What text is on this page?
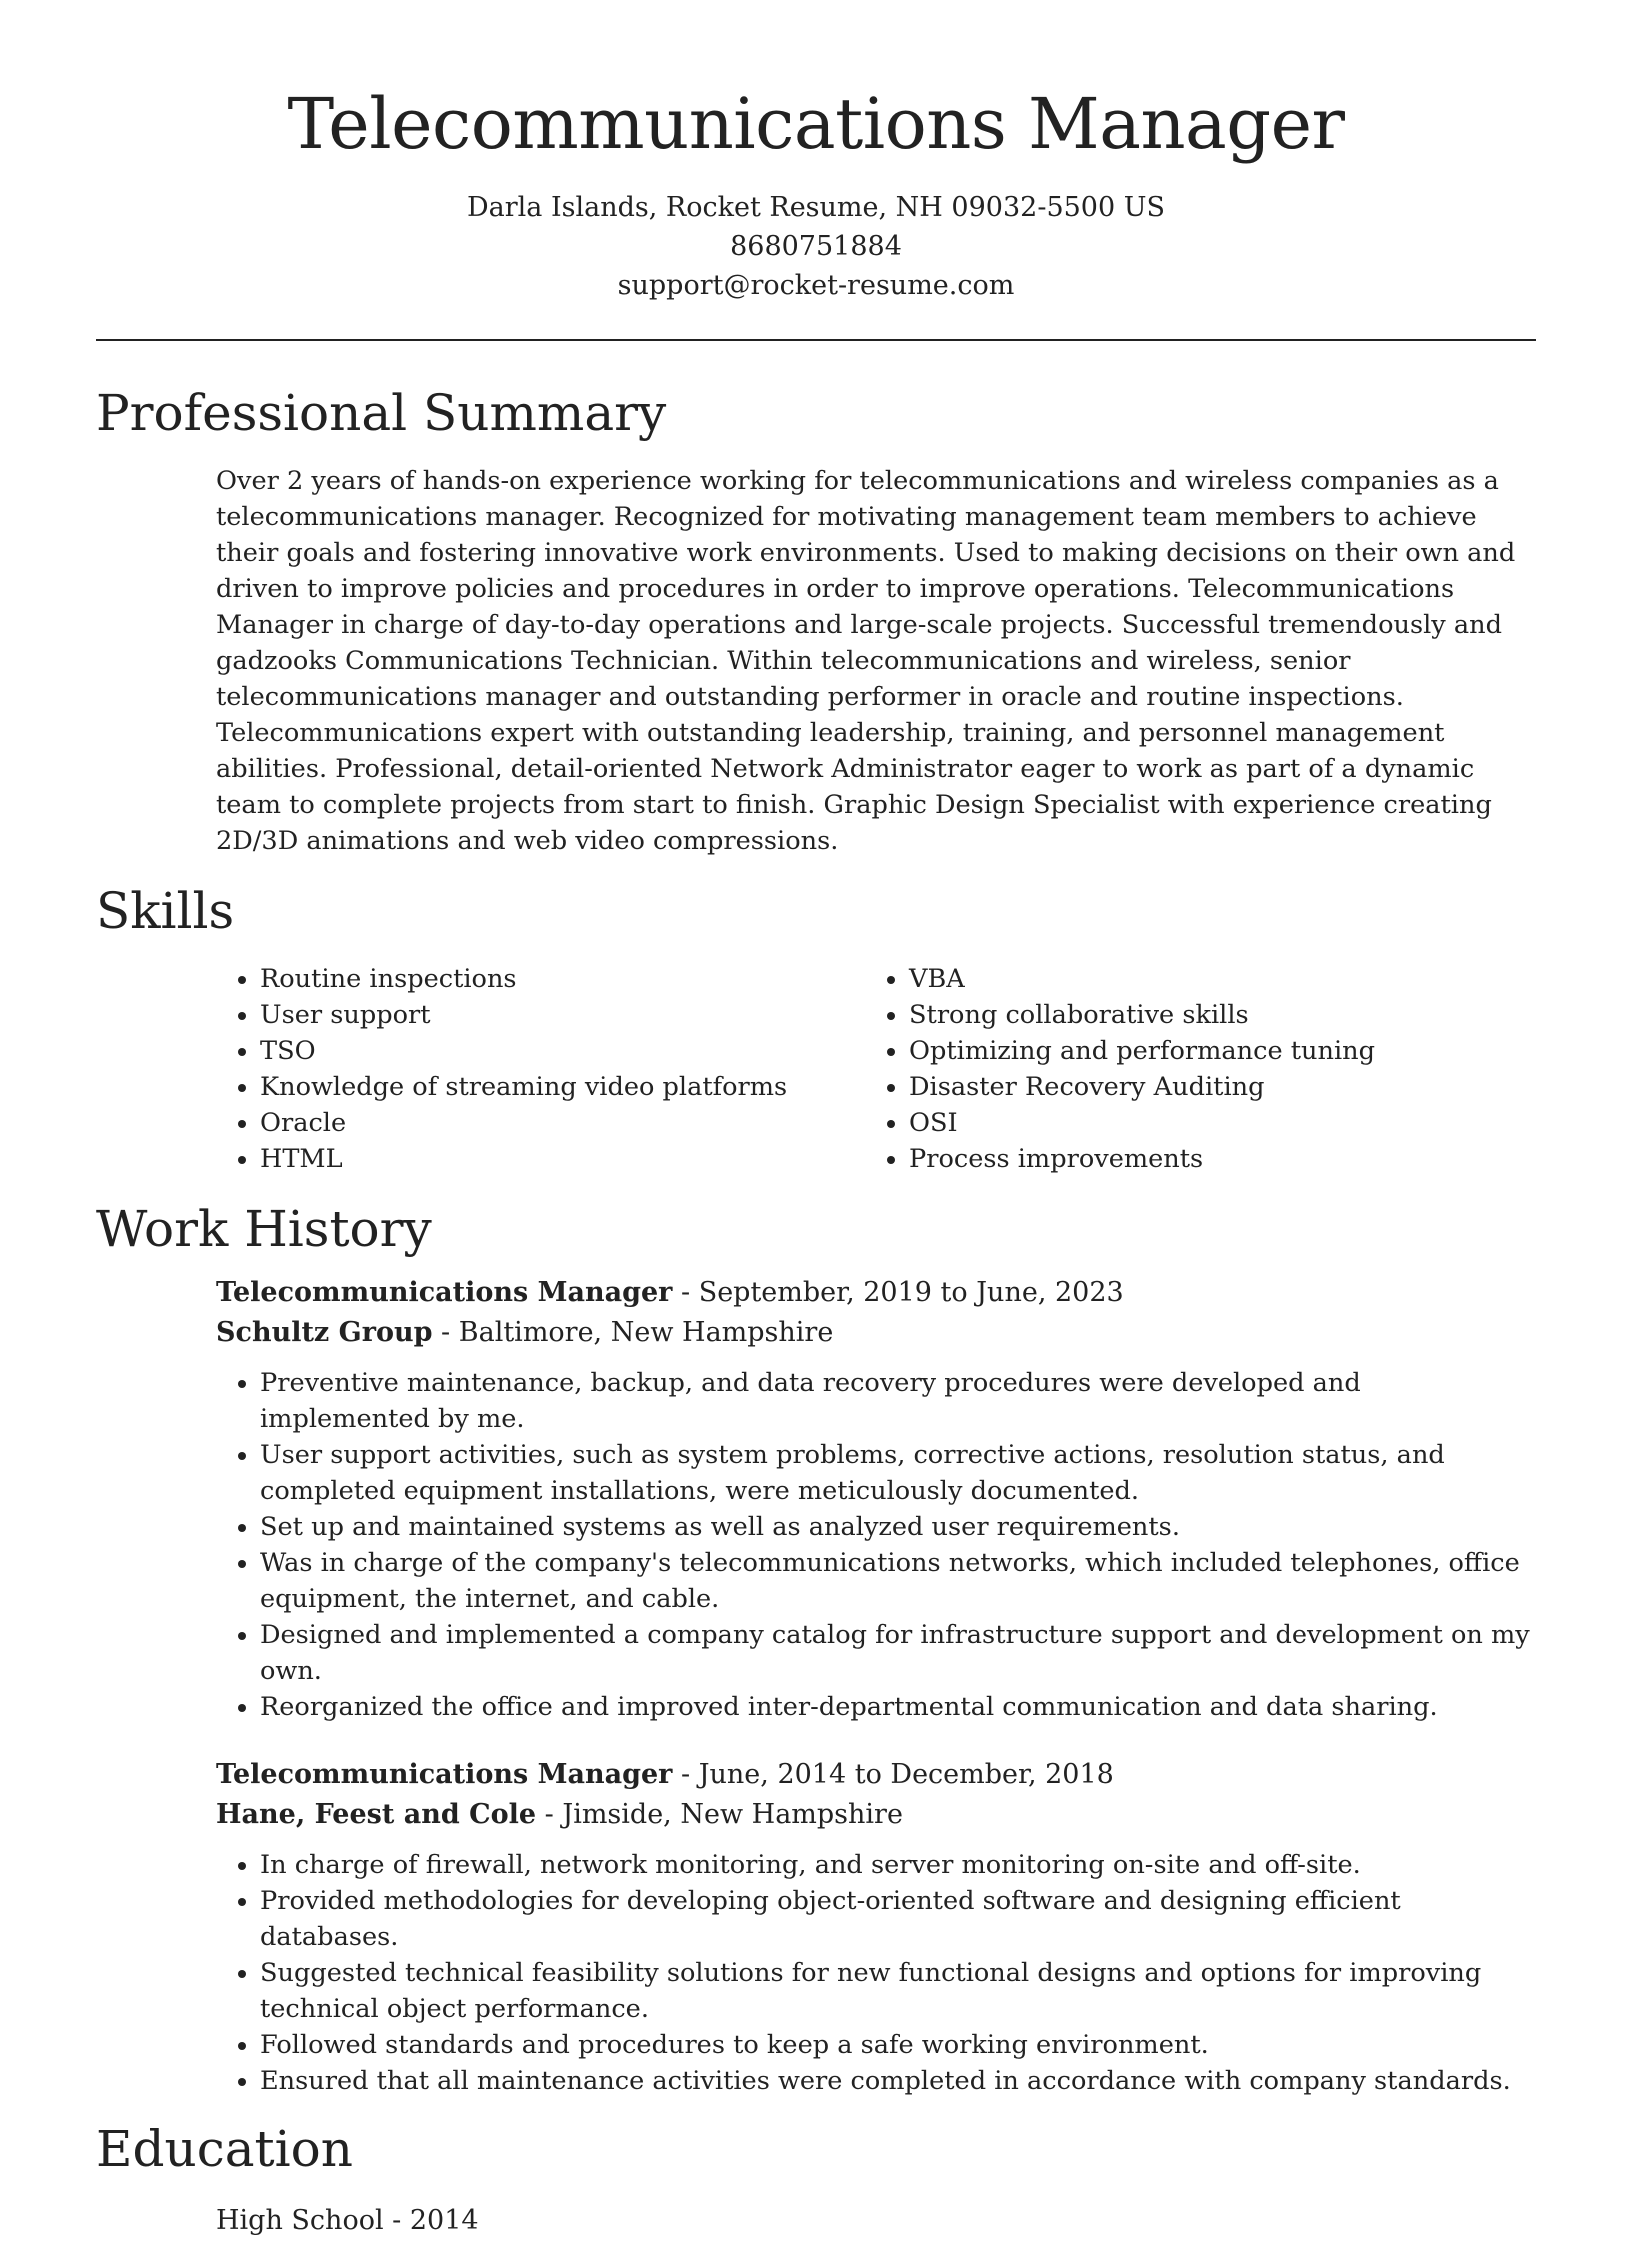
Telecommunications Manager
Darla Islands, Rocket Resume, NH 09032-5500 US
8680751884
support@rocket-resume.com
Professional Summary

Over 2 years of hands-on experience working for telecommunications and wireless companies as a telecommunications manager. Recognized for motivating management team members to achieve their goals and fostering innovative work environments. Used to making decisions on their own and driven to improve policies and procedures in order to improve operations. Telecommunications Manager in charge of day-to-day operations and large-scale projects. Successful tremendously and gadzooks Communications Technician. Within telecommunications and wireless, senior telecommunications manager and outstanding performer in oracle and routine inspections. Telecommunications expert with outstanding leadership, training, and personnel management abilities. Professional, detail-oriented Network Administrator eager to work as part of a dynamic team to complete projects from start to finish. Graphic Design Specialist with experience creating 2D/3D animations and web video compressions.

Skills
• Routine inspections
• User support
• TSO
• Knowledge of streaming video platforms
• Oracle
• HTML
• VBA
• Strong collaborative skills
• Optimizing and performance tuning
• Disaster Recovery Auditing
• OSI
• Process improvements
Work History
Telecommunications Manager - September, 2019 to June, 2023
Schultz Group - Baltimore, New Hampshire
• Preventive maintenance, backup, and data recovery procedures were developed and implemented by me.
• User support activities, such as system problems, corrective actions, resolution status, and completed equipment installations, were meticulously documented.
• Set up and maintained systems as well as analyzed user requirements.
• Was in charge of the company's telecommunications networks, which included telephones, office equipment, the internet, and cable.
• Designed and implemented a company catalog for infrastructure support and development on my own.
• Reorganized the office and improved inter-departmental communication and data sharing.
Telecommunications Manager - June, 2014 to December, 2018
Hane, Feest and Cole - Jimside, New Hampshire
• In charge of firewall, network monitoring, and server monitoring on-site and off-site.
• Provided methodologies for developing object-oriented software and designing efficient databases.
• Suggested technical feasibility solutions for new functional designs and options for improving technical object performance.
• Followed standards and procedures to keep a safe working environment.
• Ensured that all maintenance activities were completed in accordance with company standards.
Education
High School - 2014
